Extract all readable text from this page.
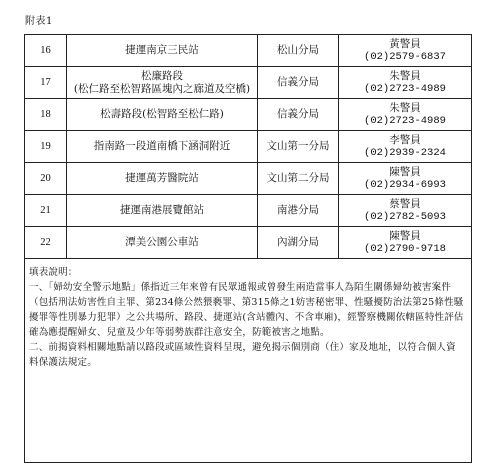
附表1
16	捷運南京三民站	松山分局	黃警員
(02)2579-6837

17	松廉路段
(松仁路至松智路區塊內之廊道及空橋)	信義分局	朱警員
(02)2723-4989

18	松壽路段(松智路至松仁路)	信義分局	朱警員
(02)2723-4989

19	指南路一段道南橋下涵洞附近	文山第一分局	李警員
(02)2939-2324

20	捷運萬芳醫院站	文山第二分局	陳警員
(02)2934-6993

21	捷運南港展覽館站	南港分局	蔡警員
(02)2782-5093

22	潭美公園公車站	內湖分局	陳警員
(02)2790-9718

填表說明：

一、「婦幼安全警示地點」係指近三年來曾有民眾通報或曾發生兩造當事人為陌生關係婦幼被害案件（包括刑法妨害性自主罪、第234條公然猥褻罪、第315條之1妨害秘密罪、性騷擾防治法第25條性騷擾罪等性別暴力犯罪）之公共場所、路段、捷運站(含站體內、不含車廂)，經警察機關依轄區特性評估確為應提醒婦女、兒童及少年等弱勢族群注意安全，防範被害之地點。

二、前揭資料相關地點請以路段或區域性資料呈現，避免揭示個別商（住）家及地址，以符合個人資料保護法規定。			
